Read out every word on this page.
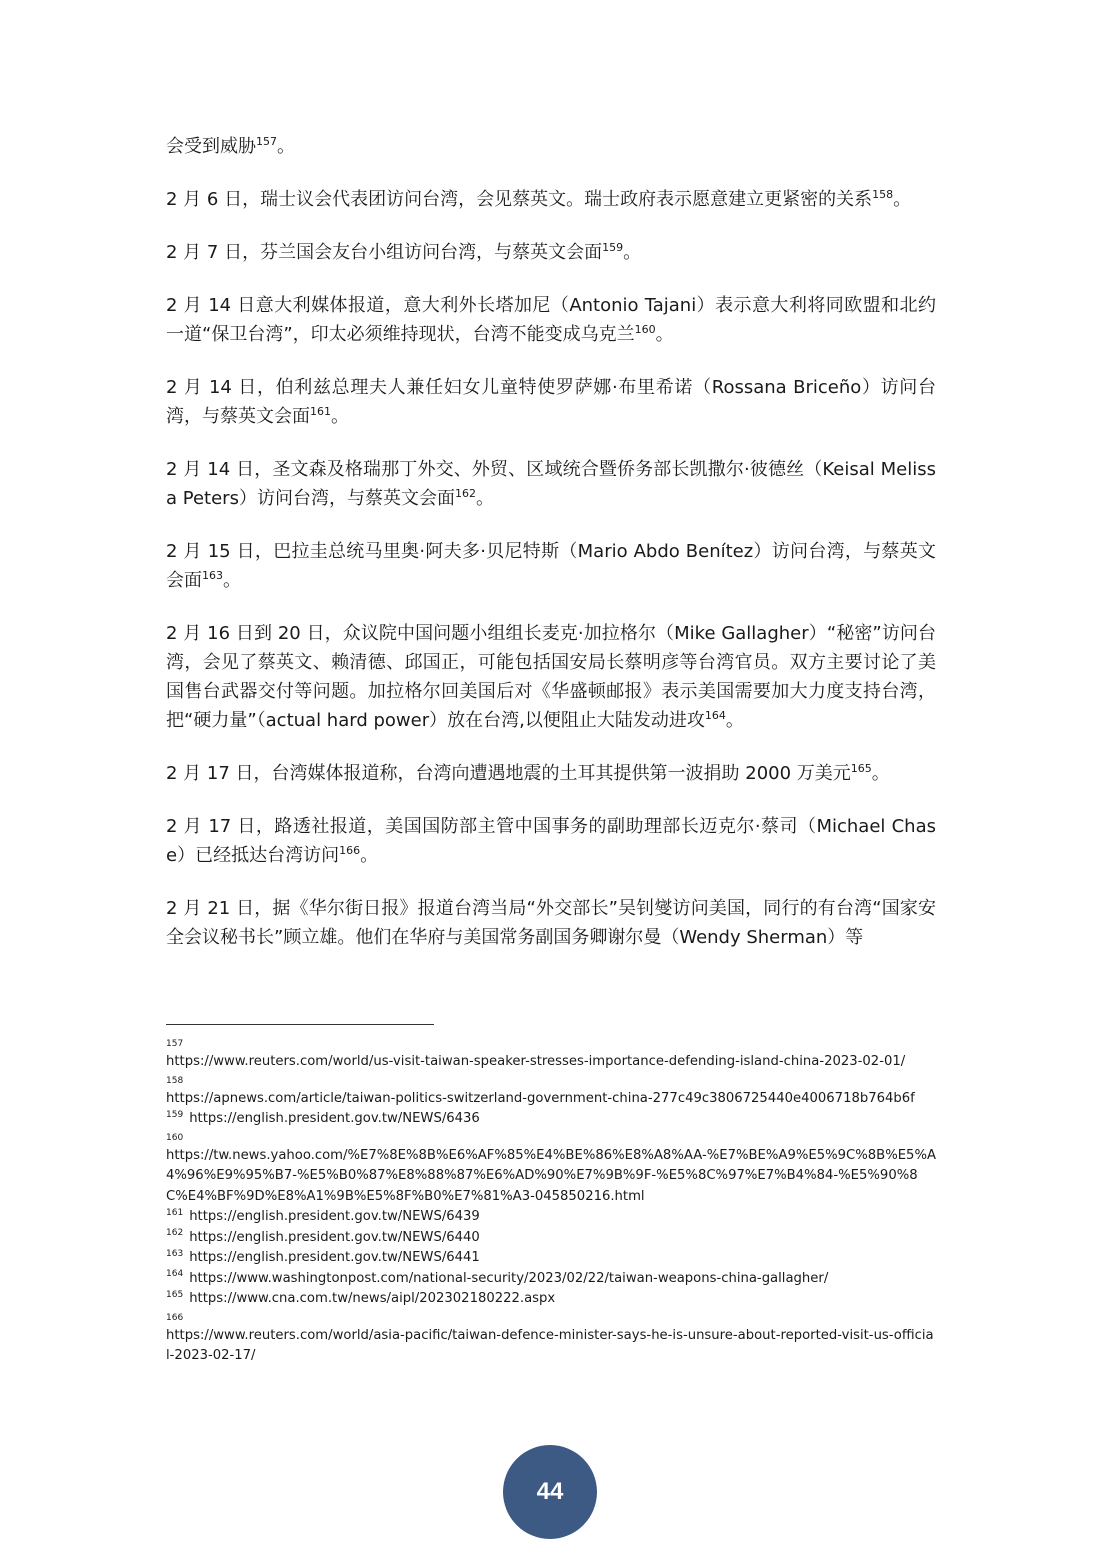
会受到威胁$^{157}$。

2 月 6 日，瑞士议会代表团访问台湾，会见蔡英文。瑞士政府表示愿意建立更紧密的关系$^{158}$。

2 月 7 日，芬兰国会友台小组访问台湾，与蔡英文会面$^{159}$。

2 月 14 日意大利媒体报道，意大利外长塔加尼（Antonio Tajani）表示意大利将同欧盟和北约一道“保卫台湾”，印太必须维持现状，台湾不能变成乌克兰$^{160}$。

2 月 14 日，伯利兹总理夫人兼任妇女儿童特使罗萨娜·布里希诺（Rossana Briceño）访问台湾，与蔡英文会面$^{161}$。

2 月 14 日，圣文森及格瑞那丁外交、外贸、区域统合暨侨务部长凯撒尔·彼德丝（Keisal Melissa Peters）访问台湾，与蔡英文会面$^{162}$。

2 月 15 日，巴拉圭总统马里奥·阿夫多·贝尼特斯（Mario Abdo Benítez）访问台湾，与蔡英文会面$^{163}$。

2 月 16 日到 20 日，众议院中国问题小组组长麦克·加拉格尔（Mike Gallagher）“秘密”访问台湾，会见了蔡英文、赖清德、邱国正，可能包括国安局长蔡明彦等台湾官员。双方主要讨论了美国售台武器交付等问题。加拉格尔回美国后对《华盛顿邮报》表示美国需要加大力度支持台湾，把“硬力量”（actual hard power）放在台湾,以便阻止大陆发动进攻$^{164}$。

2 月 17 日，台湾媒体报道称，台湾向遭遇地震的土耳其提供第一波捐助 2000 万美元$^{165}$。

2 月 17 日，路透社报道，美国国防部主管中国事务的副助理部长迈克尔·蔡司（Michael Chase）已经抵达台湾访问$^{166}$。

2 月 21 日，据《华尔街日报》报道台湾当局“外交部长”吴钊燮访问美国，同行的有台湾“国家安全会议秘书长”顾立雄。他们在华府与美国常务副国务卿谢尔曼（Wendy Sherman）等

157
https://www.reuters.com/world/us-visit-taiwan-speaker-stresses-importance-defending-island-china-2023-02-01/
158
https://apnews.com/article/taiwan-politics-switzerland-government-china-277c49c3806725440e4006718b764b6f
$^{159}$ https://english.president.gov.tw/NEWS/6436
160
https://tw.news.yahoo.com/%E7%8E%8B%E6%AF%85%E4%BE%86%E8%A8%AA-%E7%BE%A9%E5%9C%8B%E5%A4%96%E9%95%B7-%E5%B0%87%E8%88%87%E6%AD%90%E7%9B%9F-%E5%8C%97%E7%B4%84-%E5%90%8C%E4%BF%9D%E8%A1%9B%E5%8F%B0%E7%81%A3-045850216.html
$^{161}$ https://english.president.gov.tw/NEWS/6439
$^{162}$ https://english.president.gov.tw/NEWS/6440
$^{163}$ https://english.president.gov.tw/NEWS/6441
$^{164}$ https://www.washingtonpost.com/national-security/2023/02/22/taiwan-weapons-china-gallagher/
$^{165}$ https://www.cna.com.tw/news/aipl/202302180222.aspx
166
https://www.reuters.com/world/asia-pacific/taiwan-defence-minister-says-he-is-unsure-about-reported-visit-us-official-2023-02-17/
44
